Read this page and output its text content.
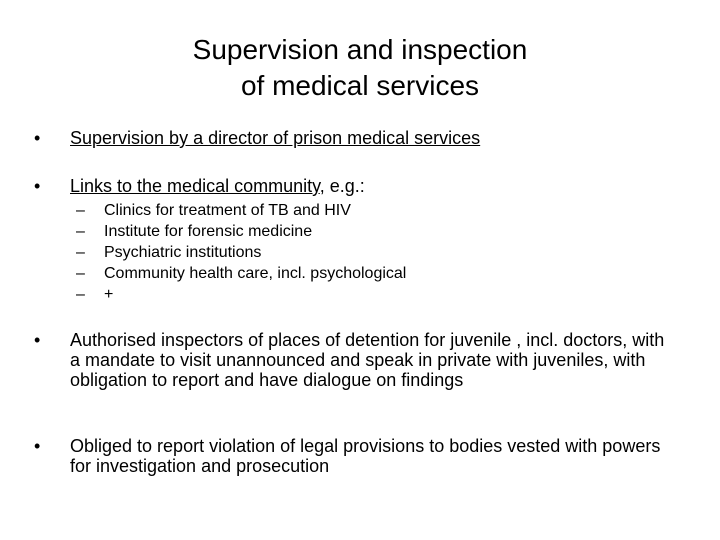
Supervision and inspection
of medical services
• Supervision by a director of prison medical services
• Links to the medical community, e.g.:
– Clinics for treatment of TB and HIV
– Institute for forensic medicine
– Psychiatric institutions
– Community health care, incl. psychological
– +
• Authorised inspectors of places of detention for juvenile , incl. doctors, with a mandate to visit unannounced and speak in private with juveniles, with obligation to report and have dialogue on findings
• Obliged to report violation of legal provisions to bodies vested with powers for investigation and prosecution
